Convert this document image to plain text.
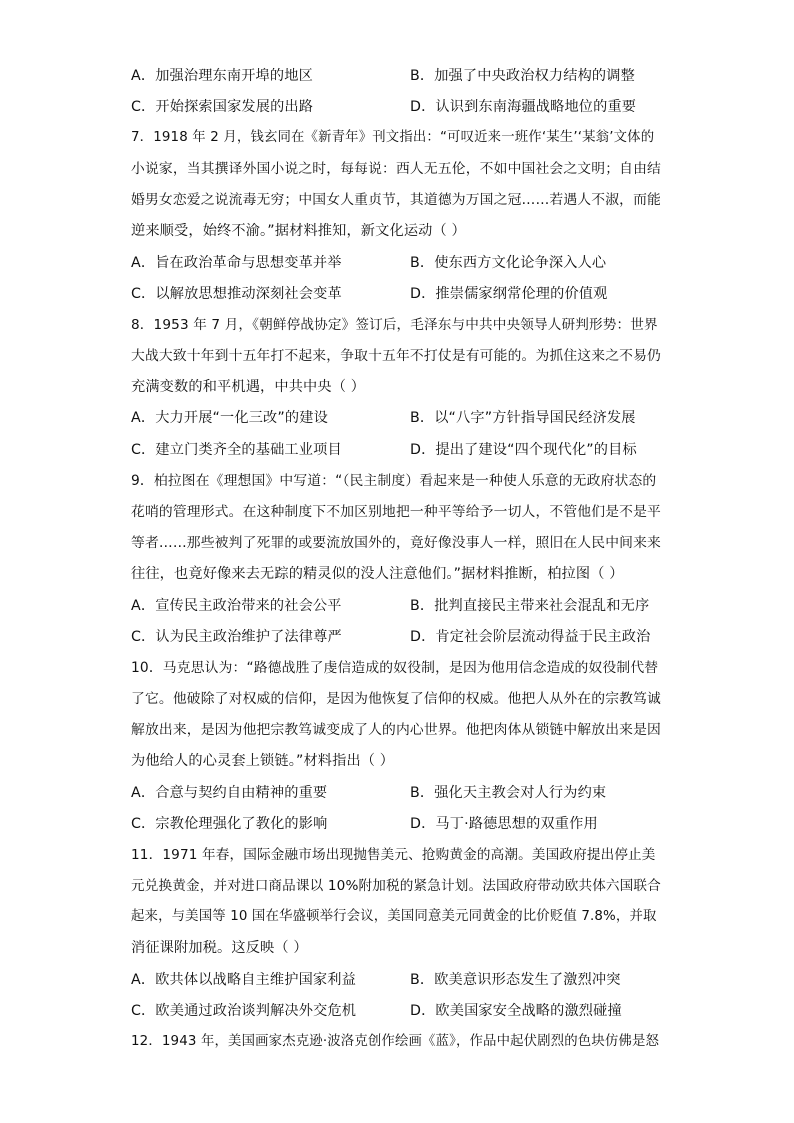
A．加强治理东南开埠的地区	B．加强了中央政治权力结构的调整
C．开始探索国家发展的出路	D．认识到东南海疆战略地位的重要
7．1918 年 2 月，钱玄同在《新青年》刊文指出：“可叹近来一班作‘某生’‘某翁’文体的
小说家，当其撰译外国小说之时，每每说：西人无五伦，不如中国社会之文明；自由结
婚男女恋爱之说流毒无穷；中国女人重贞节，其道德为万国之冠……若遇人不淑，而能
逆来顺受，始终不渝。”据材料推知，新文化运动（ ）
A．旨在政治革命与思想变革并举	B．使东西方文化论争深入人心
C．以解放思想推动深刻社会变革	D．推崇儒家纲常伦理的价值观
8．1953 年 7 月，《朝鲜停战协定》签订后，毛泽东与中共中央领导人研判形势：世界
大战大致十年到十五年打不起来，争取十五年不打仗是有可能的。为抓住这来之不易仍
充满变数的和平机遇，中共中央（ ）
A．大力开展“一化三改”的建设	B．以“八字”方针指导国民经济发展
C．建立门类齐全的基础工业项目	D．提出了建设“四个现代化”的目标
9．柏拉图在《理想国》中写道：“（民主制度）看起来是一种使人乐意的无政府状态的
花哨的管理形式。在这种制度下不加区别地把一种平等给予一切人，不管他们是不是平
等者……那些被判了死罪的或要流放国外的，竟好像没事人一样，照旧在人民中间来来
往往，也竟好像来去无踪的精灵似的没人注意他们。”据材料推断，柏拉图（ ）
A．宣传民主政治带来的社会公平	B．批判直接民主带来社会混乱和无序
C．认为民主政治维护了法律尊严	D．肯定社会阶层流动得益于民主政治
10．马克思认为：“路德战胜了虔信造成的奴役制，是因为他用信念造成的奴役制代替
了它。他破除了对权威的信仰，是因为他恢复了信仰的权威。他把人从外在的宗教笃诚
解放出来，是因为他把宗教笃诚变成了人的内心世界。他把肉体从锁链中解放出来是因
为他给人的心灵套上锁链。”材料指出（ ）
A．合意与契约自由精神的重要	B．强化天主教会对人行为约束
C．宗教伦理强化了教化的影响	D．马丁·路德思想的双重作用
11．1971 年春，国际金融市场出现抛售美元、抢购黄金的高潮。美国政府提出停止美
元兑换黄金，并对进口商品课以 10%附加税的紧急计划。法国政府带动欧共体六国联合
起来，与美国等 10 国在华盛顿举行会议，美国同意美元同黄金的比价贬值 7.8%，并取
消征课附加税。这反映（ ）
A．欧共体以战略自主维护国家利益	B．欧美意识形态发生了激烈冲突
C．欧美通过政治谈判解决外交危机	D．欧美国家安全战略的激烈碰撞
12．1943 年，美国画家杰克逊·波洛克创作绘画《蓝》，作品中起伏剧烈的色块仿佛是怒
